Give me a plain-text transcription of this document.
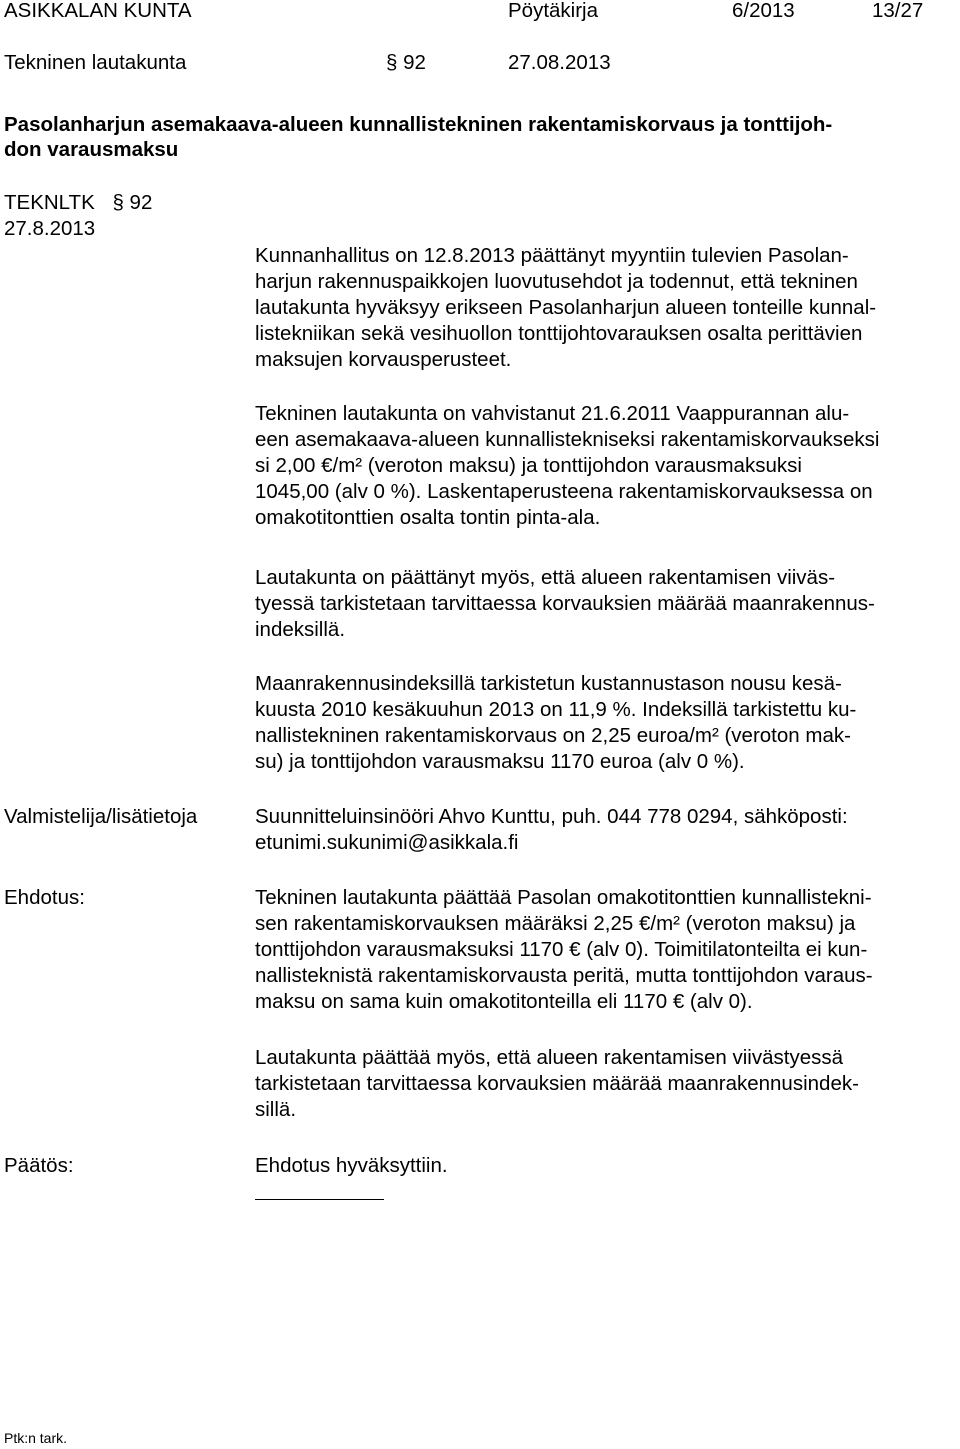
ASIKKALAN KUNTA	Pöytäkirja	6/2013	13/27
Tekninen lautakunta	§ 92	27.08.2013
Pasolanharjun asemakaava-alueen kunnallistekninen rakentamiskorvaus ja tonttijoh-
don varausmaksu
TEKNLTK § 92
27.8.2013
Kunnanhallitus on 12.8.2013 päättänyt myyntiin tulevien Pasolan-
harjun rakennuspaikkojen luovutusehdot ja todennut, että tekninen
lautakunta hyväksyy erikseen Pasolanharjun alueen tonteille kunnal-
listekniikan sekä vesihuollon tonttijohtovarauksen osalta perittävien
maksujen korvausperusteet.
Tekninen lautakunta on vahvistanut 21.6.2011 Vaappurannan alu-
een asemakaava-alueen kunnallistekniseksi rakentamiskorvaukseksi
si 2,00 €/m² (veroton maksu) ja tonttijohdon varausmaksuksi
1045,00 (alv 0 %). Laskentaperusteena rakentamiskorvauksessa on
omakotitonttien osalta tontin pinta-ala.
Lautakunta on päättänyt myös, että alueen rakentamisen viiväs-
tyessä tarkistetaan tarvittaessa korvauksien määrää maanrakennus-
indeksillä.
Maanrakennusindeksillä tarkistetun kustannustason nousu kesä-
kuusta 2010 kesäkuuhun 2013 on 11,9 %. Indeksillä tarkistettu ku-
nallistekninen rakentamiskorvaus on 2,25 euroa/m² (veroton mak-
su) ja tonttijohdon varausmaksu 1170 euroa (alv 0 %).
Valmistelija/lisätietoja	Suunnitteluinsinööri Ahvo Kunttu, puh. 044 778 0294, sähköposti:
etunimi.sukunimi@asikkala.fi
Ehdotus:	Tekninen lautakunta päättää Pasolan omakotitonttien kunnallistekni-
sen rakentamiskorvauksen määräksi 2,25 €/m² (veroton maksu) ja
tonttijohdon varausmaksuksi 1170 € (alv 0). Toimitilatonteilta ei kun-
nallisteknistä rakentamiskorvausta peritä, mutta tonttijohdon varaus-
maksu on sama kuin omakotitonteilla eli 1170 € (alv 0).
Lautakunta päättää myös, että alueen rakentamisen viivästyessä
tarkistetaan tarvittaessa korvauksien määrää maanrakennusindek-
sillä.
Päätös:	Ehdotus hyväksyttiin.
Ptk:n tark.
